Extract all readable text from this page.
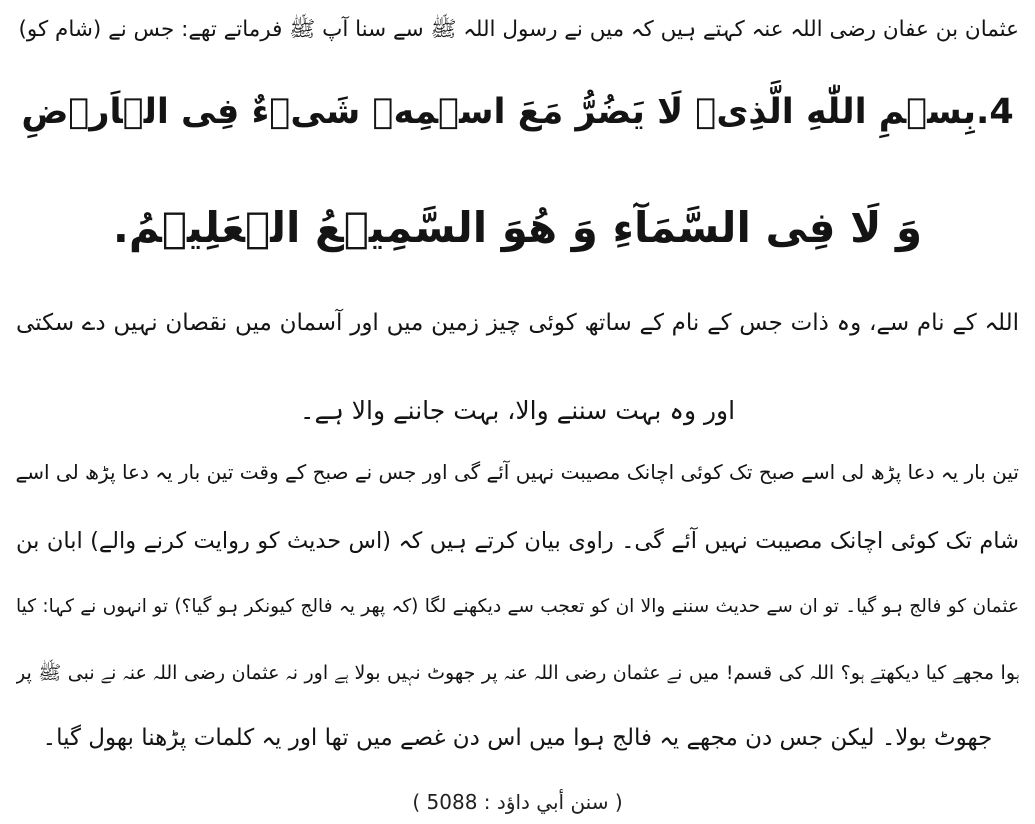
عثمان بن عفان رضی اللہ عنہ کہتے ہیں کہ میں نے رسول اللہ ﷺ سے سنا آپ ﷺ فرماتے تھے: جس نے (شام کو)
4.بِسۡمِ اللّٰهِ الَّذِیۡ لَا یَضُرُّ مَعَ اسۡمِهٖ شَیۡءٌ فِی الۡاَرۡضِ
وَ لَا فِی السَّمَآءِ وَ هُوَ السَّمِیۡعُ الۡعَلِیۡمُ.
اللہ کے نام سے، وہ ذات جس کے نام کے ساتھ کوئی چیز زمین میں اور آسمان میں نقصان نہیں دے سکتی
اور وہ بہت سننے والا، بہت جاننے والا ہے۔
تین بار یہ دعا پڑھ لی اسے صبح تک کوئی اچانک مصیبت نہیں آئے گی اور جس نے صبح کے وقت تین بار یہ دعا پڑھ لی اسے
شام تک کوئی اچانک مصیبت نہیں آئے گی۔ راوی بیان کرتے ہیں کہ (اس حدیث کو روایت کرنے والے) ابان بن
عثمان کو فالج ہو گیا۔ تو ان سے حدیث سننے والا ان کو تعجب سے دیکھنے لگا (کہ پھر یہ فالج کیونکر ہو گیا؟) تو انہوں نے کہا: کیا
ہوا مجھے کیا دیکھتے ہو؟ اللہ کی قسم! میں نے عثمان رضی اللہ عنہ پر جھوٹ نہیں بولا ہے اور نہ عثمان رضی اللہ عنہ نے نبی ﷺ پر
جھوٹ بولا۔ لیکن جس دن مجھے یہ فالج ہوا میں اس دن غصے میں تھا اور یہ کلمات پڑھنا بھول گیا۔
( سنن أبي داؤد : 5088 )
